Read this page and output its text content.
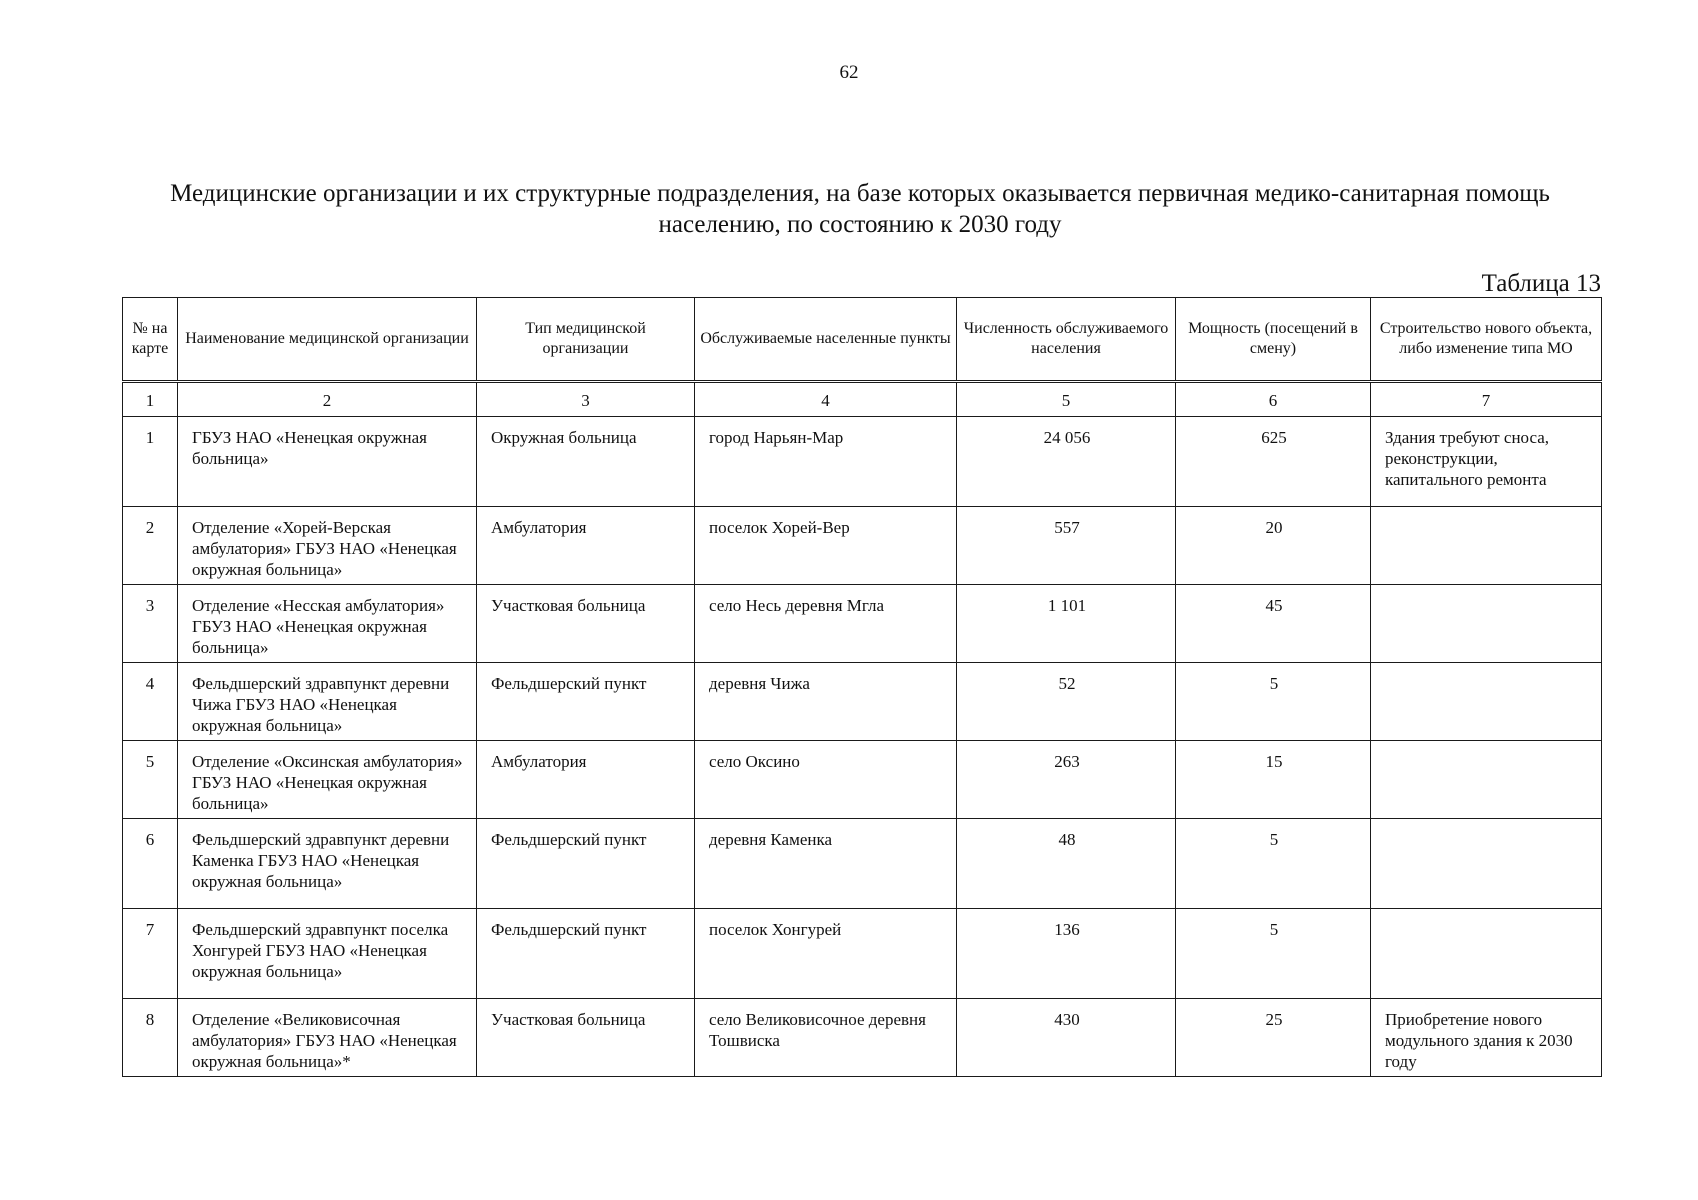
62
Медицинские организации и их структурные подразделения, на базе которых оказывается первичная медико-санитарная помощь населению, по состоянию к 2030 году
Таблица 13
№ на карте	Наименование медицинской организации	Тип медицинской организации	Обслуживаемые населенные пункты	Численность обслуживаемого населения	Мощность (посещений в смену)	Строительство нового объекта, либо изменение типа МО
1	2	3	4	5	6	7
1	ГБУЗ НАО «Ненецкая окружная больница»	Окружная больница	город Нарьян-Мар	24 056	625	Здания требуют сноса, реконструкции, капитального ремонта
2	Отделение «Хорей-Верская амбулатория» ГБУЗ НАО «Ненецкая окружная больница»	Амбулатория	поселок Хорей-Вер	557	20	
3	Отделение «Несская амбулатория» ГБУЗ НАО «Ненецкая окружная больница»	Участковая больница	село Несь деревня Мгла	1 101	45	
4	Фельдшерский здравпункт деревни Чижа ГБУЗ НАО «Ненецкая окружная больница»	Фельдшерский пункт	деревня Чижа	52	5	
5	Отделение «Оксинская амбулатория» ГБУЗ НАО «Ненецкая окружная больница»	Амбулатория	село Оксино	263	15	
6	Фельдшерский здравпункт деревни Каменка ГБУЗ НАО «Ненецкая окружная больница»	Фельдшерский пункт	деревня Каменка	48	5	
7	Фельдшерский здравпункт поселка Хонгурей ГБУЗ НАО «Ненецкая окружная больница»	Фельдшерский пункт	поселок Хонгурей	136	5	
8	Отделение «Великовисочная амбулатория» ГБУЗ НАО «Ненецкая окружная больница»*	Участковая больница	село Великовисочное деревня Тошвиска	430	25	Приобретение нового модульного здания к 2030 году
